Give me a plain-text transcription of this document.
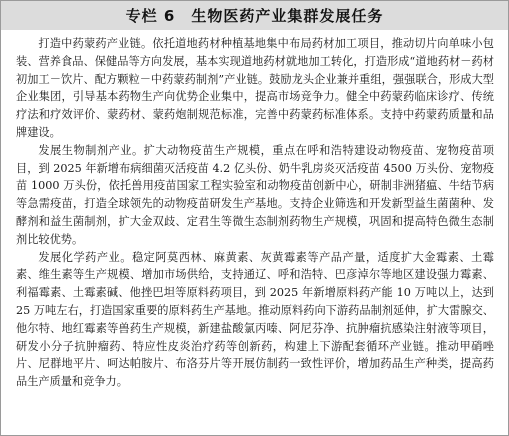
专栏 6　生物医药产业集群发展任务

打造中药蒙药产业链。依托道地药材种植基地集中布局药材加工项目，推动切片向单味小包装、营养食品、保健品等方向发展，基本实现道地药材就地加工转化，打造形成“道地药材－药材初加工－饮片、配方颗粒－中药蒙药制剂”产业链。鼓励龙头企业兼并重组，强强联合，形成大型企业集团，引导基本药物生产向优势企业集中，提高市场竞争力。健全中药蒙药临床诊疗、传统疗法和疗效评价、蒙药材、蒙药炮制规范标准，完善中药蒙药标准体系。支持中药蒙药质量和品牌建设。

发展生物制剂产业。扩大动物疫苗生产规模，重点在呼和浩特建设动物疫苗、宠物疫苗项目，到 2025 年新增布病细菌灭活疫苗 4.2 亿头份、奶牛乳房炎灭活疫苗 4500 万头份、宠物疫苗 1000 万头份，依托兽用疫苗国家工程实验室和动物疫苗创新中心，研制非洲猪瘟、牛结节病等急需疫苗，打造全球领先的动物疫苗研发生产基地。支持企业筛选和开发新型益生菌菌种、发酵剂和益生菌制剂，扩大金双歧、定君生等微生态制剂药物生产规模，巩固和提高特色微生态制剂比较优势。

发展化学药产业。稳定阿莫西林、麻黄素、灰黄霉素等产品产量，适度扩大金霉素、土霉素、维生素等生产规模、增加市场供给，支持通辽、呼和浩特、巴彦淖尔等地区建设强力霉素、利福霉素、土霉素碱、他挫巴坦等原料药项目，到 2025 年新增原料药产能 10 万吨以上，达到 25 万吨左右，打造国家重要的原料药生产基地。推动原料药向下游药品制剂延伸，扩大雷腺交、他尔特、地红霉素等兽药生产规模，新建盐酸氯丙嗪、阿尼芬净、抗肿瘤抗感染注射液等项目，研发小分子抗肿瘤药、特应性皮炎治疗药等创新药，构建上下游配套循环产业链。推动甲硝唑片、尼群地平片、呵达帕胺片、布洛芬片等开展仿制药一致性评价，增加药品生产种类，提高药品生产质量和竞争力。
